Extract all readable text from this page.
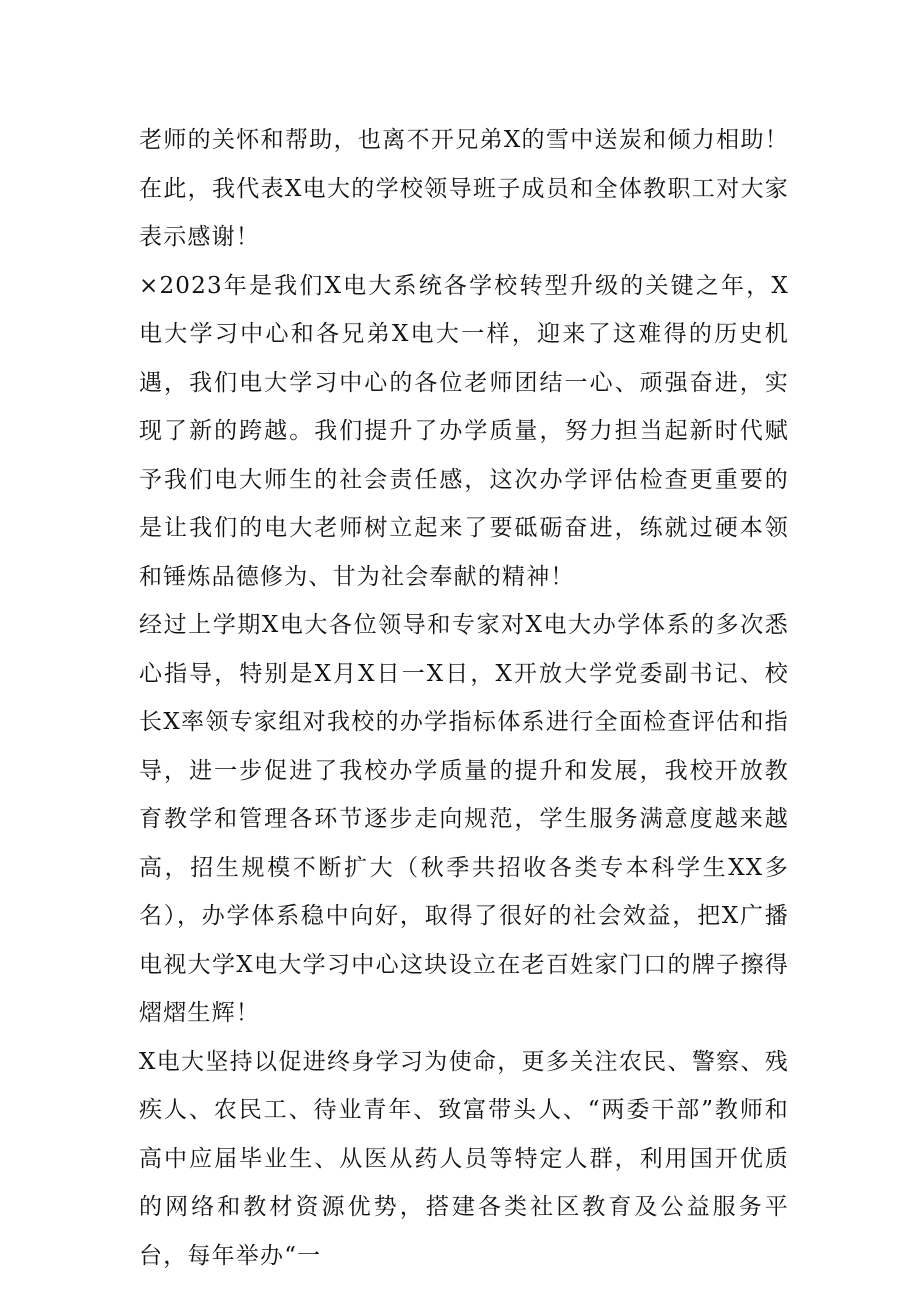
老师的关怀和帮助，也离不开兄弟X的雪中送炭和倾力相助！在此，我代表X电大的学校领导班子成员和全体教职工对大家表示感谢！

×2023年是我们X电大系统各学校转型升级的关键之年，X电大学习中心和各兄弟X电大一样，迎来了这难得的历史机遇，我们电大学习中心的各位老师团结一心、顽强奋进，实现了新的跨越。我们提升了办学质量，努力担当起新时代赋予我们电大师生的社会责任感，这次办学评估检查更重要的是让我们的电大老师树立起来了要砥砺奋进，练就过硬本领和锤炼品德修为、甘为社会奉献的精神！

经过上学期X电大各位领导和专家对X电大办学体系的多次悉心指导，特别是X月X日一X日，X开放大学党委副书记、校长X率领专家组对我校的办学指标体系进行全面检查评估和指导，进一步促进了我校办学质量的提升和发展，我校开放教育教学和管理各环节逐步走向规范，学生服务满意度越来越高，招生规模不断扩大（秋季共招收各类专本科学生XX多名），办学体系稳中向好，取得了很好的社会效益，把X广播电视大学X电大学习中心这块设立在老百姓家门口的牌子擦得熠熠生辉！

X电大坚持以促进终身学习为使命，更多关注农民、警察、残疾人、农民工、待业青年、致富带头人、“两委干部”教师和高中应届毕业生、从医从药人员等特定人群，利用国开优质的网络和教材资源优势，搭建各类社区教育及公益服务平台，每年举办“一
